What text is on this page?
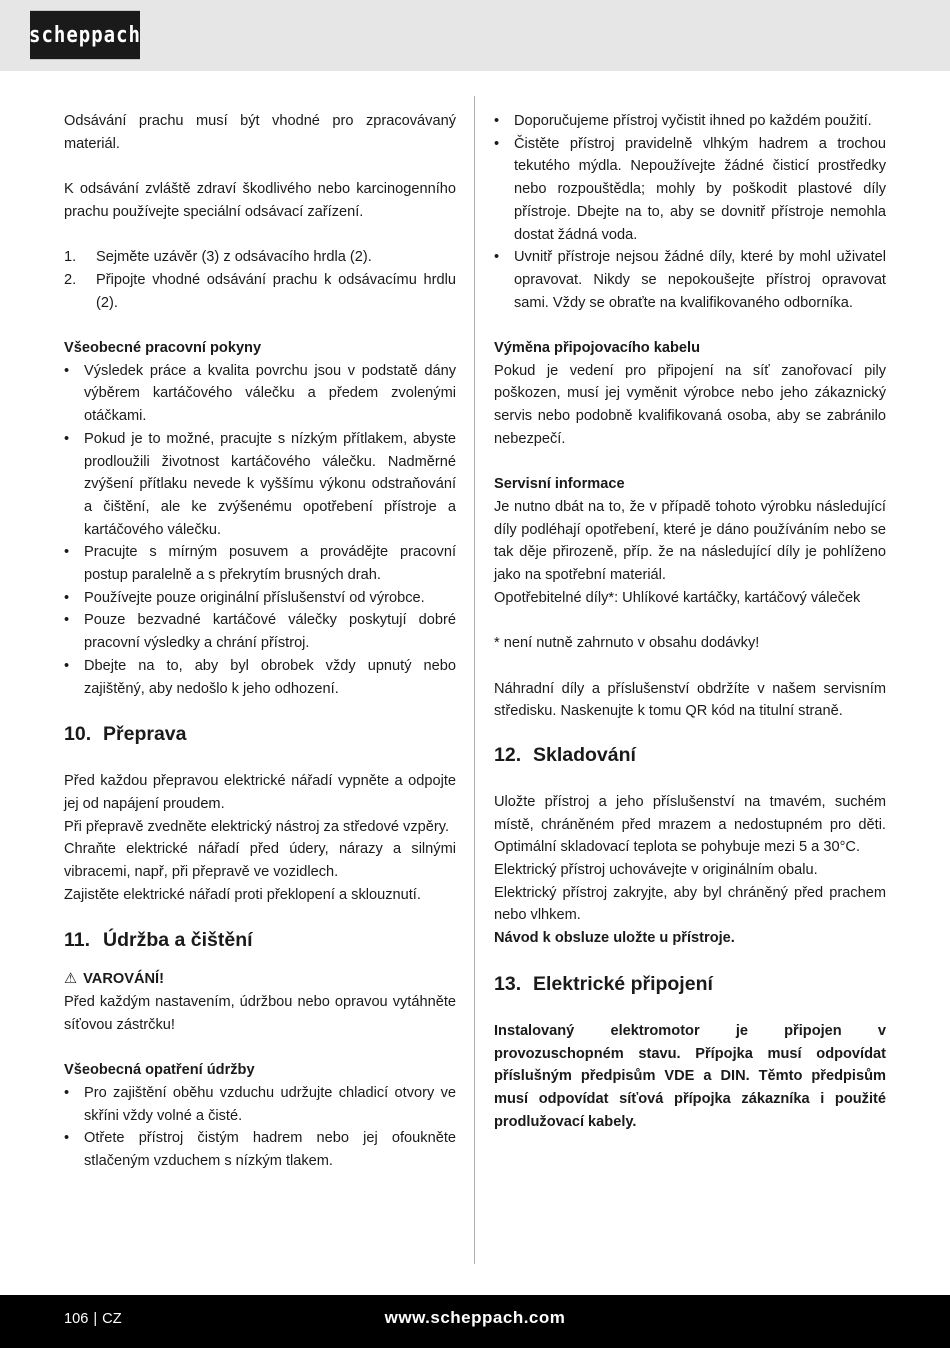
scheppach

Odsávání prachu musí být vhodné pro zpracovávaný materiál.

K odsávání zvláště zdraví škodlivého nebo karcinogenního prachu používejte speciální odsávací zařízení.

1. Sejměte uzávěr (3) z odsávacího hrdla (2).
2. Připojte vhodné odsávání prachu k odsávacímu hrdlu (2).

Všeobecné pracovní pokyny

• Výsledek práce a kvalita povrchu jsou v podstatě dány výběrem kartáčového válečku a předem zvolenými otáčkami.
• Pokud je to možné, pracujte s nízkým přítlakem, abyste prodloužili životnost kartáčového válečku. Nadměrné zvýšení přítlaku nevede k vyššímu výkonu odstraňování a čištění, ale ke zvýšenému opotřebení přístroje a kartáčového válečku.
• Pracujte s mírným posuvem a provádějte pracovní postup paralelně a s překrytím brusných drah.
• Používejte pouze originální příslušenství od výrobce.
• Pouze bezvadné kartáčové válečky poskytují dobré pracovní výsledky a chrání přístroj.
• Dbejte na to, aby byl obrobek vždy upnutý nebo zajištěný, aby nedošlo k jeho odhození.
10. Přeprava

Před každou přepravou elektrické nářadí vypněte a odpojte jej od napájení proudem.

Při přepravě zvedněte elektrický nástroj za středové vzpěry.

Chraňte elektrické nářadí před údery, nárazy a silnými vibracemi, např, při přepravě ve vozidlech.

Zajistěte elektrické nářadí proti překlopení a sklouznutí.

11. Údržba a čištění

⚠ VAROVÁNÍ!

Před každým nastavením, údržbou nebo opravou vytáhněte síťovou zástrčku!

Všeobecná opatření údržby

• Pro zajištění oběhu vzduchu udržujte chladicí otvory ve skříni vždy volné a čisté.
• Otřete přístroj čistým hadrem nebo jej ofoukněte stlačeným vzduchem s nízkým tlakem.
• Doporučujeme přístroj vyčistit ihned po každém použití.
• Čistěte přístroj pravidelně vlhkým hadrem a trochou tekutého mýdla. Nepoužívejte žádné čisticí prostředky nebo rozpouštědla; mohly by poškodit plastové díly přístroje. Dbejte na to, aby se dovnitř přístroje nemohla dostat žádná voda.
• Uvnitř přístroje nejsou žádné díly, které by mohl uživatel opravovat. Nikdy se nepokoušejte přístroj opravovat sami. Vždy se obraťte na kvalifikovaného odborníka.

Výměna připojovacího kabelu

Pokud je vedení pro připojení na síť zanořovací pily poškozen, musí jej vyměnit výrobce nebo jeho zákaznický servis nebo podobně kvalifikovaná osoba, aby se zabránilo nebezpečí.

Servisní informace

Je nutno dbát na to, že v případě tohoto výrobku následující díly podléhají opotřebení, které je dáno používáním nebo se tak děje přirozeně, příp. že na následující díly je pohlíženo jako na spotřební materiál.

Opotřebitelné díly*: Uhlíkové kartáčky, kartáčový váleček

* není nutně zahrnuto v obsahu dodávky!

Náhradní díly a příslušenství obdržíte v našem servisním středisku. Naskenujte k tomu QR kód na titulní straně.

12. Skladování

Uložte přístroj a jeho příslušenství na tmavém, suchém místě, chráněném před mrazem a nedostupném pro děti. Optimální skladovací teplota se pohybuje mezi 5 a 30°C.

Elektrický přístroj uchovávejte v originálním obalu.

Elektrický přístroj zakryjte, aby byl chráněný před prachem nebo vlhkem.

Návod k obsluze uložte u přístroje.

13. Elektrické připojení

Instalovaný elektromotor je připojen v provozuschopném stavu. Přípojka musí odpovídat příslušným předpisům VDE a DIN. Těmto předpisům musí odpovídat síťová přípojka zákazníka i použité prodlužovací kabely.

106 | CZ	www.scheppach.com
